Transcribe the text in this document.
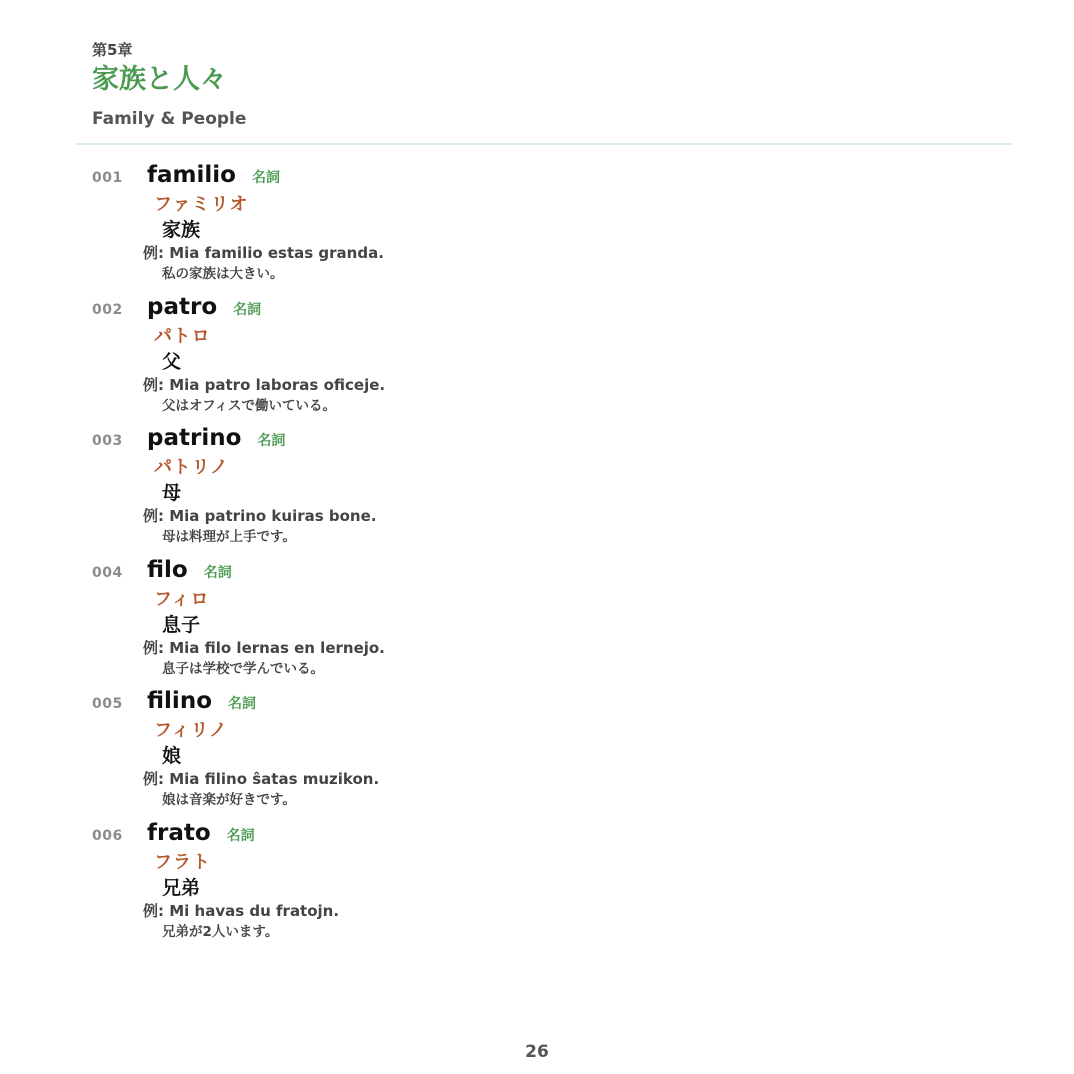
第5章
家族と人々
Family & People
001 familio 名詞
ファミリオ
家族
例: Mia familio estas granda.
私の家族は大きい。
002 patro 名詞
パトロ
父
例: Mia patro laboras oficeje.
父はオフィスで働いている。
003 patrino 名詞
パトリノ
母
例: Mia patrino kuiras bone.
母は料理が上手です。
004 filo 名詞
フィロ
息子
例: Mia filo lernas en lernejo.
息子は学校で学んでいる。
005 filino 名詞
フィリノ
娘
例: Mia filino ŝatas muzikon.
娘は音楽が好きです。
006 frato 名詞
フラト
兄弟
例: Mi havas du fratojn.
兄弟が2人います。
26
